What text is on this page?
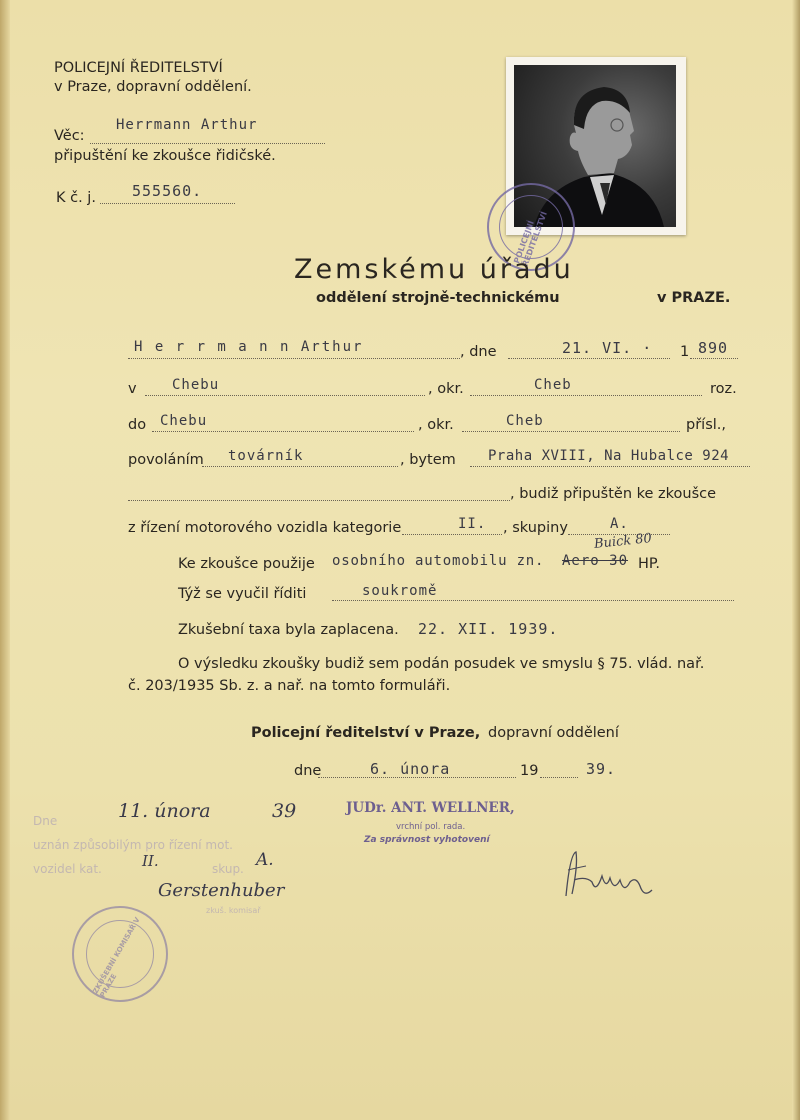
POLICEJNÍ ŘEDITELSTVÍ
v Praze, dopravní oddělení.
Věc:
Herrmann Arthur
připuštění ke zkoušce řidičské.
K č. j. 555560.
POLICEJNÍ ŘEDITELSTVÍ
Zemskému úřadu
oddělení strojně-technickému	v PRAZE.
H e r r m a n n Arthur	, dne	21. VI. · 1 890
v	Chebu	, okr.	Cheb	roz.
do Chebu	, okr.	Cheb	přísl.,
povoláním továrník	, bytem Praha XVIII, Na Hubalce 924
, budiž připuštěn ke zkoušce
z řízení motorového vozidla kategorie	II. , skupiny	A.
Ke zkoušce použije osobního automobilu zn. Aero 30 HP.
Buick 80
Týž se vyučil říditi	soukromě
Zkušební taxa byla zaplacena. 22. XII. 1939.
O výsledku zkoušky budiž sem podán posudek ve smyslu § 75. vlád. nař.
č. 203/1935 Sb. z. a nař. na tomto formuláři.
Policejní ředitelství v Praze, dopravní oddělení
dne	6. února	19	39.
JUDr. ANT. WELLNER,
vrchní pol. rada.
Za správnost vyhotovení
Dne	11. února	39
uznán způsobilým pro řízení mot.
vozidel kat.	II.	skup. A.
Gerstenhuber
zkuš. komisař
ZKUŠEBNÍ KOMISAŘ V PRAZE
